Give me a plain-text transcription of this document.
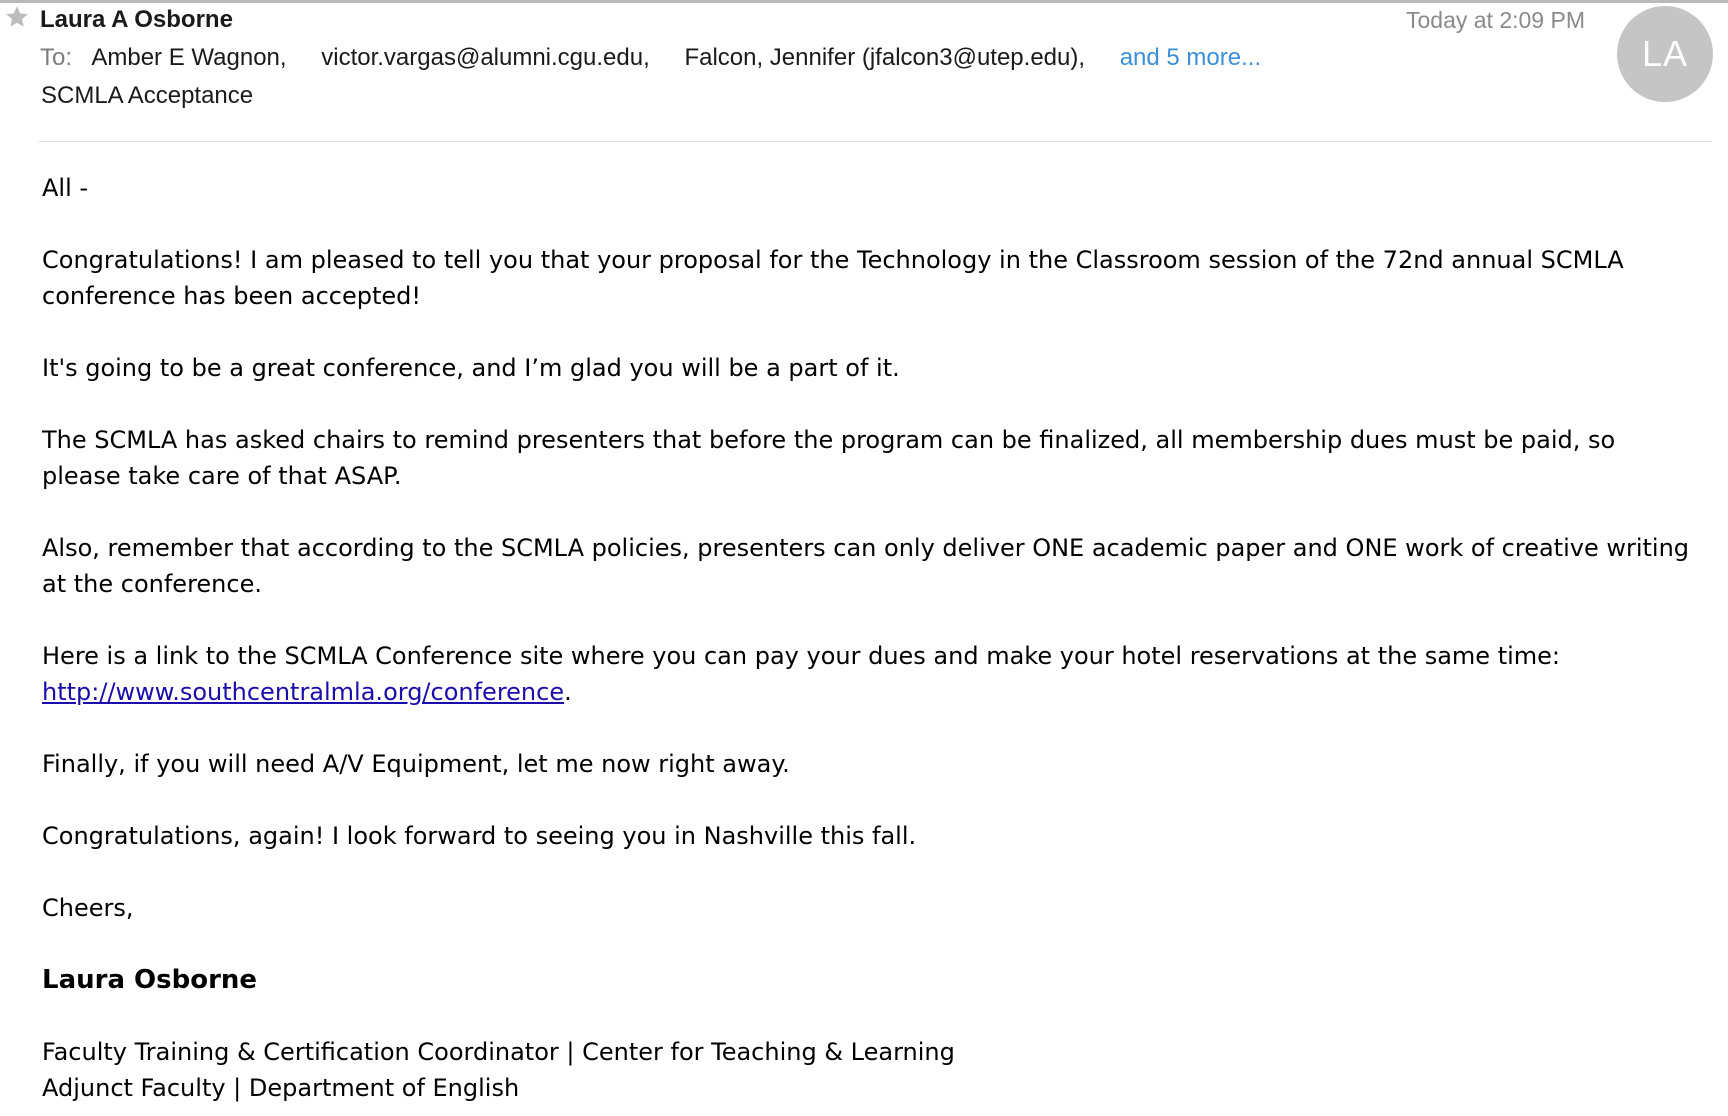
Laura A Osborne	Today at 2:09 PM
LA
To: Amber E Wagnon, victor.vargas@alumni.cgu.edu, Falcon, Jennifer (jfalcon3@utep.edu), and 5 more...
SCMLA Acceptance

All -

Congratulations! I am pleased to tell you that your proposal for the Technology in the Classroom session of the 72nd annual SCMLA conference has been accepted!

It's going to be a great conference, and I’m glad you will be a part of it.

The SCMLA has asked chairs to remind presenters that before the program can be finalized, all membership dues must be paid, so please take care of that ASAP.

Also, remember that according to the SCMLA policies, presenters can only deliver ONE academic paper and ONE work of creative writing at the conference.

Here is a link to the SCMLA Conference site where you can pay your dues and make your hotel reservations at the same time: http://www.southcentralmla.org/conference.

Finally, if you will need A/V Equipment, let me now right away.

Congratulations, again! I look forward to seeing you in Nashville this fall.

Cheers,

Laura Osborne

Faculty Training & Certification Coordinator | Center for Teaching & Learning

Adjunct Faculty | Department of English
